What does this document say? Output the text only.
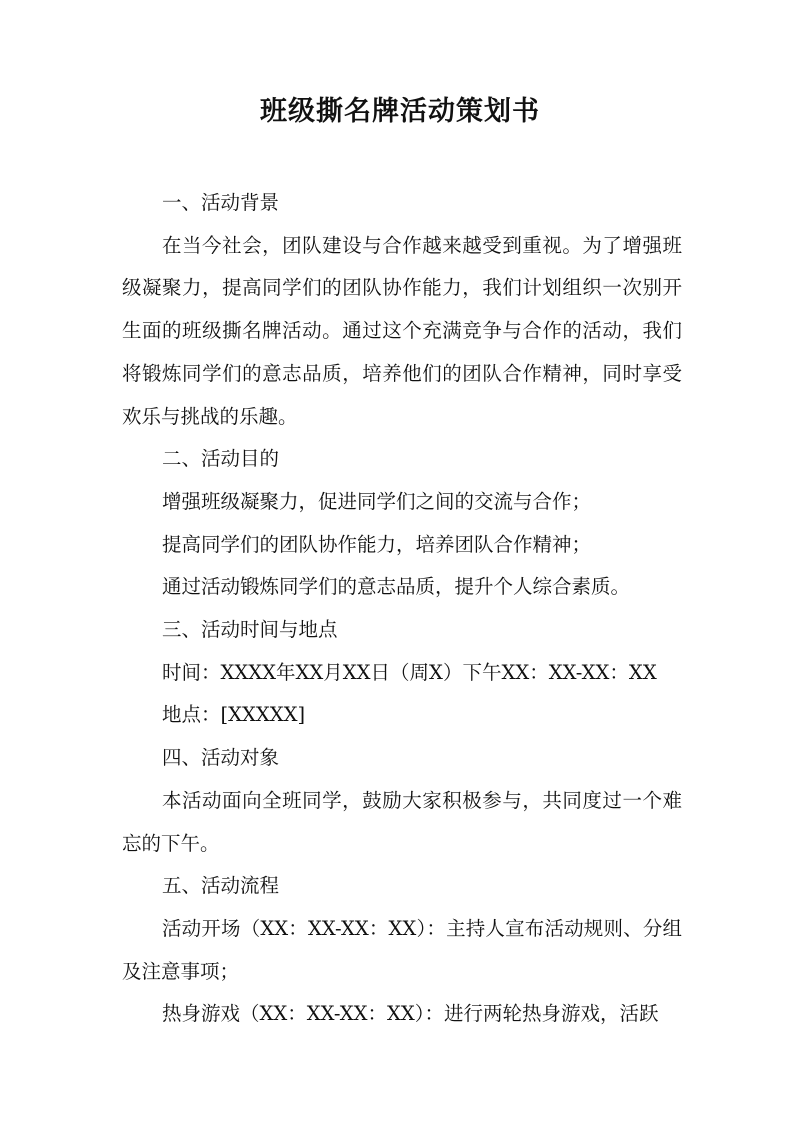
班级撕名牌活动策划书

一、活动背景

在当今社会，团队建设与合作越来越受到重视。为了增强班级凝聚力，提高同学们的团队协作能力，我们计划组织一次别开生面的班级撕名牌活动。通过这个充满竞争与合作的活动，我们将锻炼同学们的意志品质，培养他们的团队合作精神，同时享受欢乐与挑战的乐趣。

二、活动目的

增强班级凝聚力，促进同学们之间的交流与合作；

提高同学们的团队协作能力，培养团队合作精神；

通过活动锻炼同学们的意志品质，提升个人综合素质。

三、活动时间与地点

时间：XXXX年XX月XX日（周X）下午XX：XX-XX：XX

地点：[XXXXX]

四、活动对象

本活动面向全班同学，鼓励大家积极参与，共同度过一个难忘的下午。

五、活动流程

活动开场（XX：XX-XX：XX）：主持人宣布活动规则、分组及注意事项；

热身游戏（XX：XX-XX：XX）：进行两轮热身游戏，活跃
